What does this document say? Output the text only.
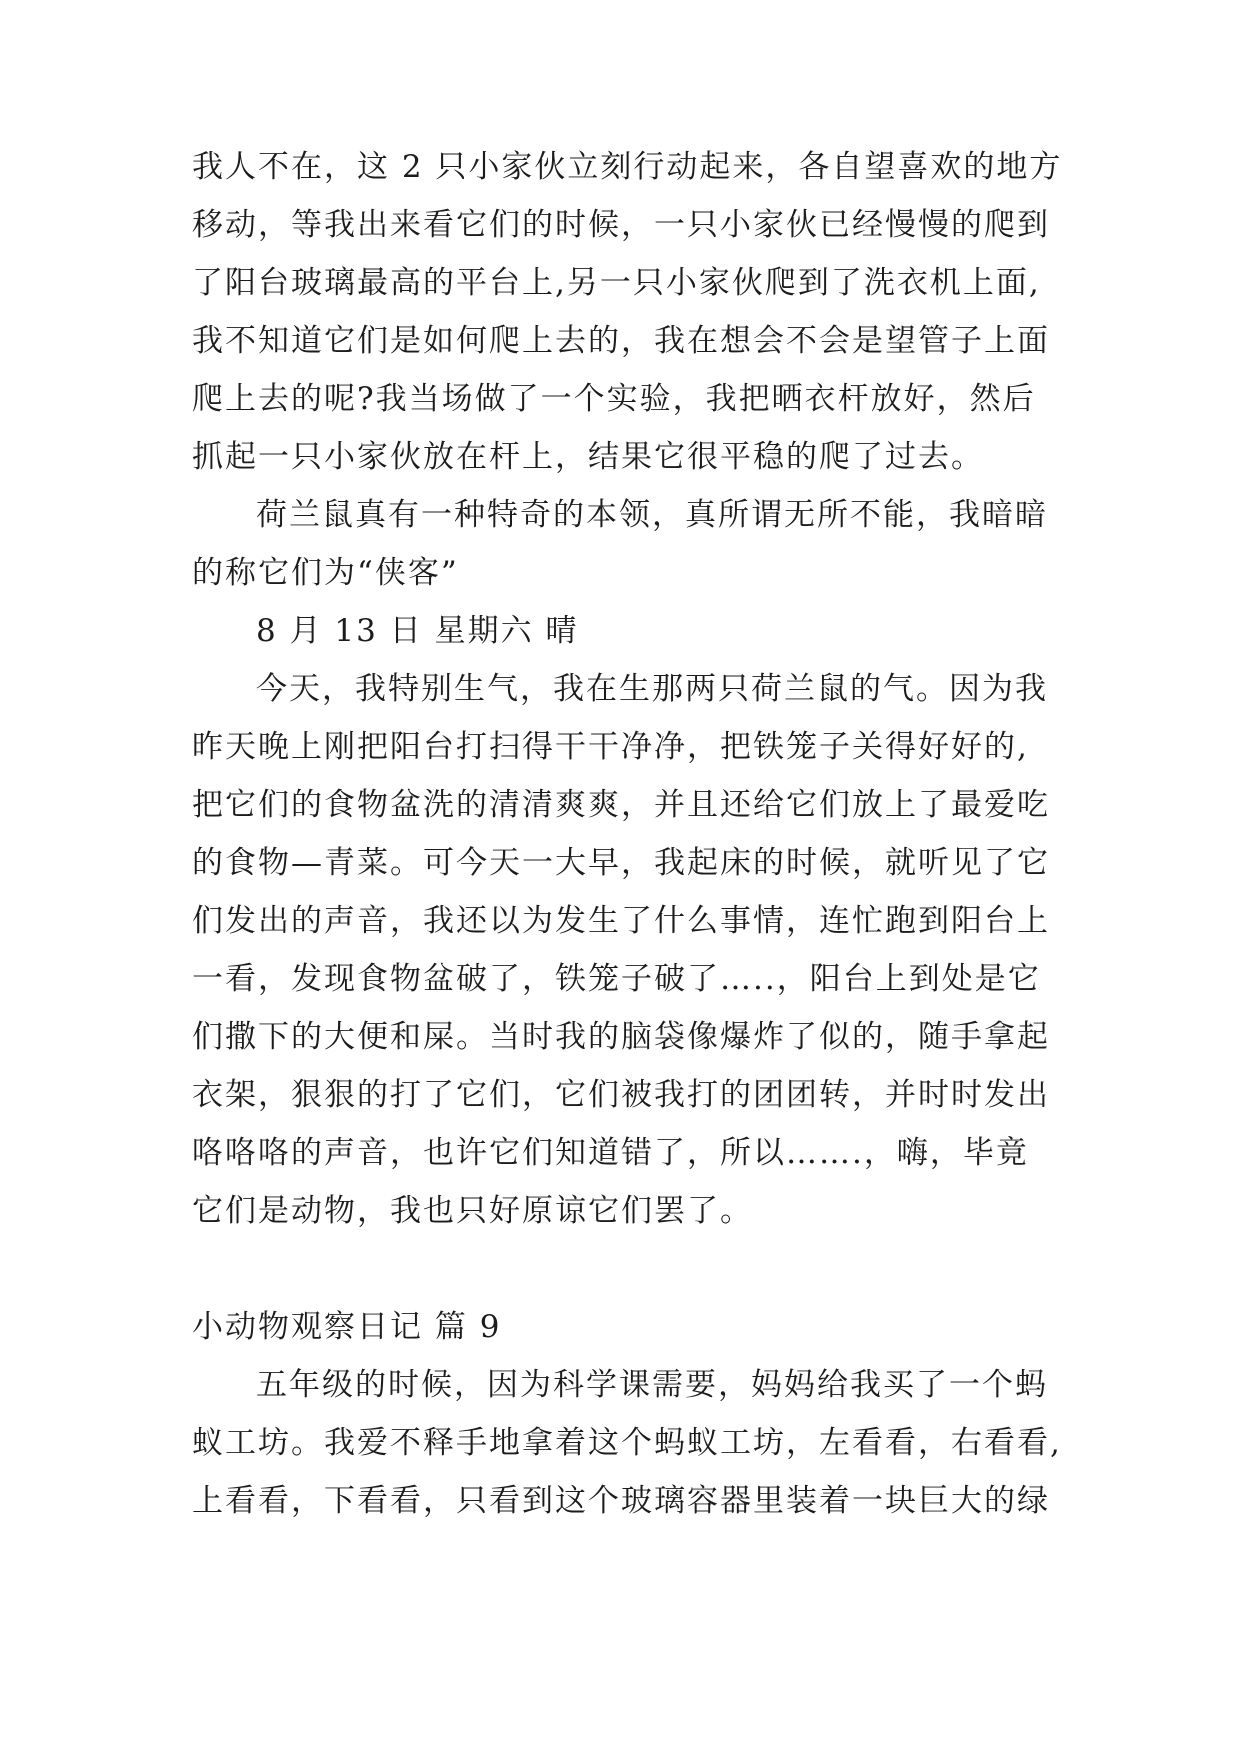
我人不在，这 2 只小家伙立刻行动起来，各自望喜欢的地方
移动，等我出来看它们的时候，一只小家伙已经慢慢的爬到
了阳台玻璃最高的平台上,另一只小家伙爬到了洗衣机上面,
我不知道它们是如何爬上去的，我在想会不会是望管子上面
爬上去的呢?我当场做了一个实验，我把晒衣杆放好，然后
抓起一只小家伙放在杆上，结果它很平稳的爬了过去。
荷兰鼠真有一种特奇的本领，真所谓无所不能，我暗暗
的称它们为“侠客”
8 月 13 日 星期六 晴
今天，我特别生气，我在生那两只荷兰鼠的气。因为我
昨天晚上刚把阳台打扫得干干净净，把铁笼子关得好好的,
把它们的食物盆洗的清清爽爽，并且还给它们放上了最爱吃
的食物—青菜。可今天一大早，我起床的时候，就听见了它
们发出的声音，我还以为发生了什么事情，连忙跑到阳台上
一看，发现食物盆破了，铁笼子破了…..，阳台上到处是它
们撒下的大便和屎。当时我的脑袋像爆炸了似的，随手拿起
衣架，狠狠的打了它们，它们被我打的团团转，并时时发出
咯咯咯的声音，也许它们知道错了，所以…….，嗨，毕竟
它们是动物，我也只好原谅它们罢了。
小动物观察日记 篇 9
五年级的时候，因为科学课需要，妈妈给我买了一个蚂
蚁工坊。我爱不释手地拿着这个蚂蚁工坊，左看看，右看看,
上看看，下看看，只看到这个玻璃容器里装着一块巨大的绿
